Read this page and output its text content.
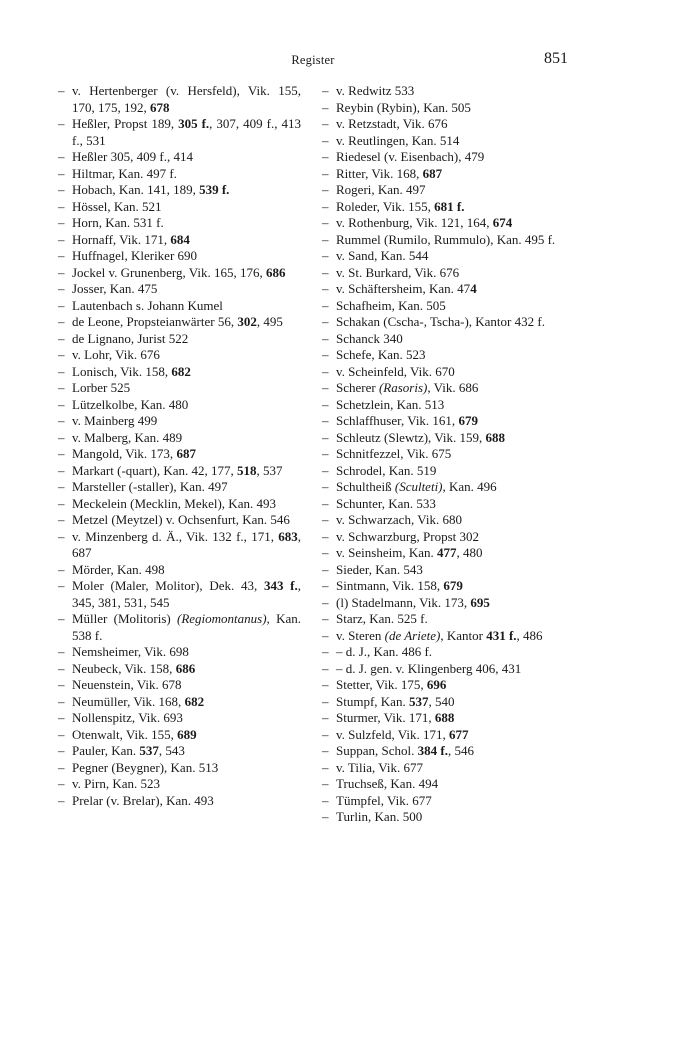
Register	851
– v. Hertenberger (v. Hersfeld), Vik. 155, 170, 175, 192, 678
– Heßler, Propst 189, 305 f., 307, 409 f., 413 f., 531
– Heßler 305, 409 f., 414
– Hiltmar, Kan. 497 f.
– Hobach, Kan. 141, 189, 539 f.
– Hössel, Kan. 521
– Horn, Kan. 531 f.
– Hornaff, Vik. 171, 684
– Huffnagel, Kleriker 690
– Jockel v. Grunenberg, Vik. 165, 176, 686
– Josser, Kan. 475
– Lautenbach s. Johann Kumel
– de Leone, Propsteianwärter 56, 302, 495
– de Lignano, Jurist 522
– v. Lohr, Vik. 676
– Lonisch, Vik. 158, 682
– Lorber 525
– Lützelkolbe, Kan. 480
– v. Mainberg 499
– v. Malberg, Kan. 489
– Mangold, Vik. 173, 687
– Markart (-quart), Kan. 42, 177, 518, 537
– Marsteller (-staller), Kan. 497
– Meckelein (Mecklin, Mekel), Kan. 493
– Metzel (Meytzel) v. Ochsenfurt, Kan. 546
– v. Minzenberg d. Ä., Vik. 132 f., 171, 683, 687
– Mörder, Kan. 498
– Moler (Maler, Molitor), Dek. 43, 343 f., 345, 381, 531, 545
– Müller (Molitoris) (Regiomontanus), Kan. 538 f.
– Nemsheimer, Vik. 698
– Neubeck, Vik. 158, 686
– Neuenstein, Vik. 678
– Neumüller, Vik. 168, 682
– Nollenspitz, Vik. 693
– Otenwalt, Vik. 155, 689
– Pauler, Kan. 537, 543
– Pegner (Beygner), Kan. 513
– v. Pirn, Kan. 523
– Prelar (v. Brelar), Kan. 493
– v. Redwitz 533
– Reybin (Rybin), Kan. 505
– v. Retzstadt, Vik. 676
– v. Reutlingen, Kan. 514
– Riedesel (v. Eisenbach), 479
– Ritter, Vik. 168, 687
– Rogeri, Kan. 497
– Roleder, Vik. 155, 681 f.
– v. Rothenburg, Vik. 121, 164, 674
– Rummel (Rumilo, Rummulo), Kan. 495 f.
– v. Sand, Kan. 544
– v. St. Burkard, Vik. 676
– v. Schäftersheim, Kan. 474
– Schafheim, Kan. 505
– Schakan (Cscha-, Tscha-), Kantor 432 f.
– Schanck 340
– Schefe, Kan. 523
– v. Scheinfeld, Vik. 670
– Scherer (Rasoris), Vik. 686
– Schetzlein, Kan. 513
– Schlaffhuser, Vik. 161, 679
– Schleutz (Slewtz), Vik. 159, 688
– Schnitfezzel, Vik. 675
– Schrodel, Kan. 519
– Schultheiß (Sculteti), Kan. 496
– Schunter, Kan. 533
– v. Schwarzach, Vik. 680
– v. Schwarzburg, Propst 302
– v. Seinsheim, Kan. 477, 480
– Sieder, Kan. 543
– Sintmann, Vik. 158, 679
– (l) Stadelmann, Vik. 173, 695
– Starz, Kan. 525 f.
– v. Steren (de Ariete), Kantor 431 f., 486
– – d. J., Kan. 486 f.
– – d. J. gen. v. Klingenberg 406, 431
– Stetter, Vik. 175, 696
– Stumpf, Kan. 537, 540
– Sturmer, Vik. 171, 688
– v. Sulzfeld, Vik. 171, 677
– Suppan, Schol. 384 f., 546
– v. Tilia, Vik. 677
– Truchseß, Kan. 494
– Tümpfel, Vik. 677
– Turlin, Kan. 500
